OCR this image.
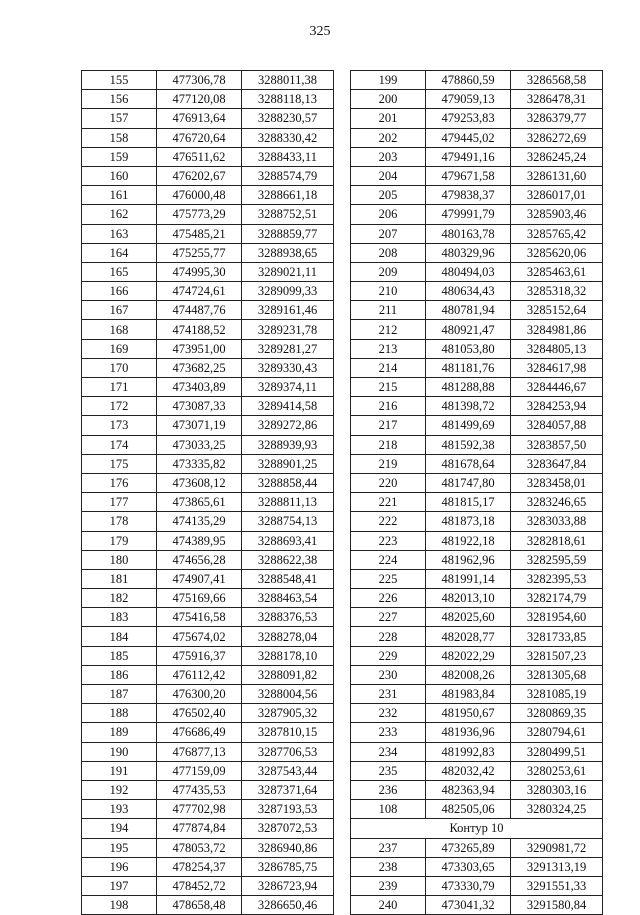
325
155	477306,78	3288011,38
156	477120,08	3288118,13
157	476913,64	3288230,57
158	476720,64	3288330,42
159	476511,62	3288433,11
160	476202,67	3288574,79
161	476000,48	3288661,18
162	475773,29	3288752,51
163	475485,21	3288859,77
164	475255,77	3288938,65
165	474995,30	3289021,11
166	474724,61	3289099,33
167	474487,76	3289161,46
168	474188,52	3289231,78
169	473951,00	3289281,27
170	473682,25	3289330,43
171	473403,89	3289374,11
172	473087,33	3289414,58
173	473071,19	3289272,86
174	473033,25	3288939,93
175	473335,82	3288901,25
176	473608,12	3288858,44
177	473865,61	3288811,13
178	474135,29	3288754,13
179	474389,95	3288693,41
180	474656,28	3288622,38
181	474907,41	3288548,41
182	475169,66	3288463,54
183	475416,58	3288376,53
184	475674,02	3288278,04
185	475916,37	3288178,10
186	476112,42	3288091,82
187	476300,20	3288004,56
188	476502,40	3287905,32
189	476686,49	3287810,15
190	476877,13	3287706,53
191	477159,09	3287543,44
192	477435,53	3287371,64
193	477702,98	3287193,53
194	477874,84	3287072,53
195	478053,72	3286940,86
196	478254,37	3286785,75
197	478452,72	3286723,94
198	478658,48	3286650,46
199	478860,59	3286568,58
200	479059,13	3286478,31
201	479253,83	3286379,77
202	479445,02	3286272,69
203	479491,16	3286245,24
204	479671,58	3286131,60
205	479838,37	3286017,01
206	479991,79	3285903,46
207	480163,78	3285765,42
208	480329,96	3285620,06
209	480494,03	3285463,61
210	480634,43	3285318,32
211	480781,94	3285152,64
212	480921,47	3284981,86
213	481053,80	3284805,13
214	481181,76	3284617,98
215	481288,88	3284446,67
216	481398,72	3284253,94
217	481499,69	3284057,88
218	481592,38	3283857,50
219	481678,64	3283647,84
220	481747,80	3283458,01
221	481815,17	3283246,65
222	481873,18	3283033,88
223	481922,18	3282818,61
224	481962,96	3282595,59
225	481991,14	3282395,53
226	482013,10	3282174,79
227	482025,60	3281954,60
228	482028,77	3281733,85
229	482022,29	3281507,23
230	482008,26	3281305,68
231	481983,84	3281085,19
232	481950,67	3280869,35
233	481936,96	3280794,61
234	481992,83	3280499,51
235	482032,42	3280253,61
236	482363,94	3280303,16
108	482505,06	3280324,25
Контур 10		
237	473265,89	3290981,72
238	473303,65	3291313,19
239	473330,79	3291551,33
240	473041,32	3291580,84
